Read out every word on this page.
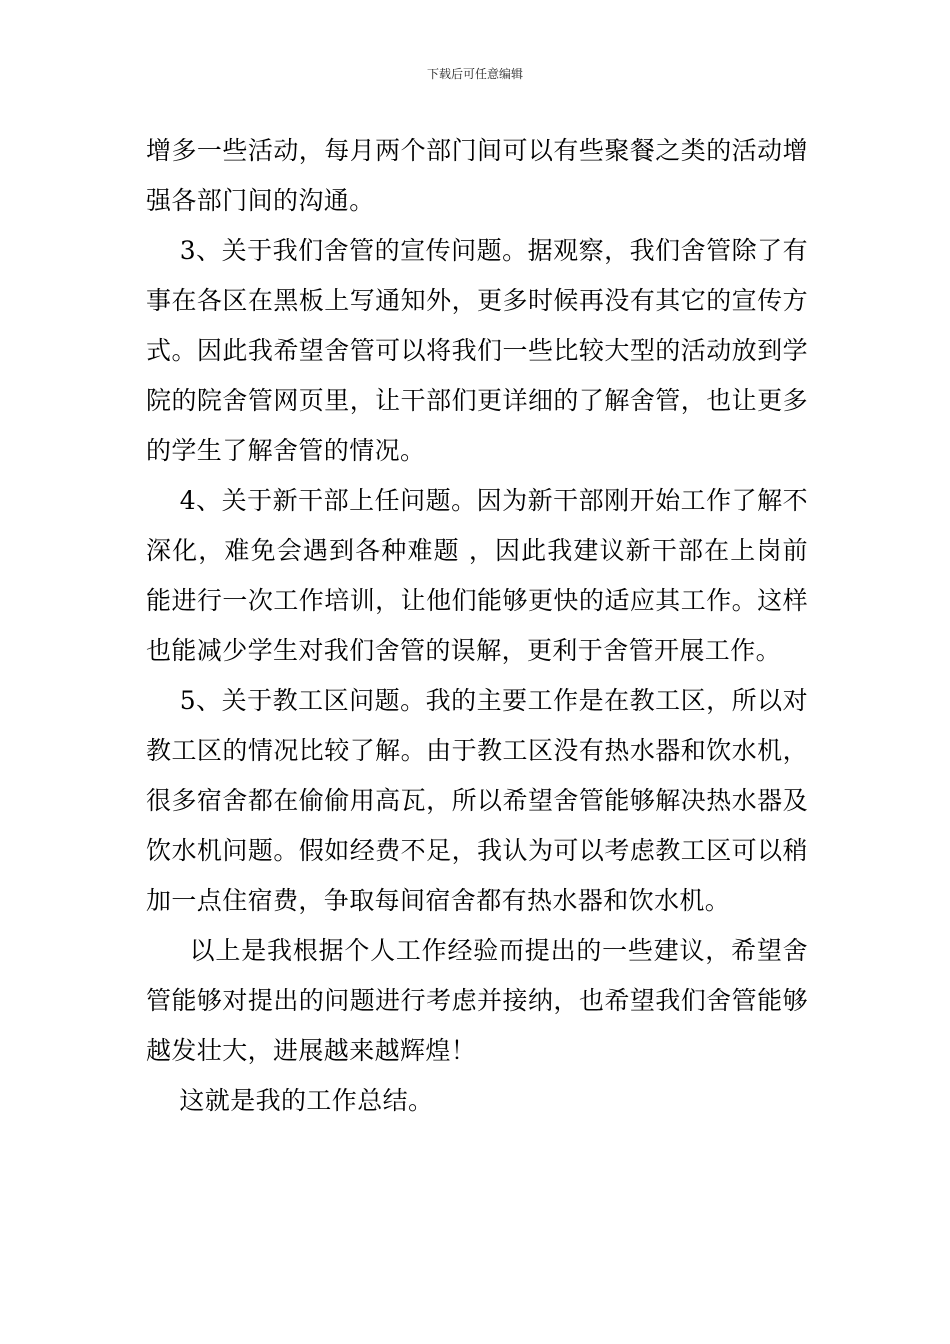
下载后可任意编辑

增多一些活动，每月两个部门间可以有些聚餐之类的活动增强各部门间的沟通。

3、关于我们舍管的宣传问题。据观察，我们舍管除了有事在各区在黑板上写通知外，更多时候再没有其它的宣传方式。因此我希望舍管可以将我们一些比较大型的活动放到学院的院舍管网页里，让干部们更详细的了解舍管，也让更多的学生了解舍管的情况。

4、关于新干部上任问题。因为新干部刚开始工作了解不深化，难免会遇到各种难题 ，因此我建议新干部在上岗前能进行一次工作培训，让他们能够更快的适应其工作。这样也能减少学生对我们舍管的误解，更利于舍管开展工作。

5、关于教工区问题。我的主要工作是在教工区，所以对教工区的情况比较了解。由于教工区没有热水器和饮水机，很多宿舍都在偷偷用高瓦，所以希望舍管能够解决热水器及饮水机问题。假如经费不足，我认为可以考虑教工区可以稍加一点住宿费，争取每间宿舍都有热水器和饮水机。

以上是我根据个人工作经验而提出的一些建议，希望舍管能够对提出的问题进行考虑并接纳，也希望我们舍管能够越发壮大，进展越来越辉煌！

这就是我的工作总结。
